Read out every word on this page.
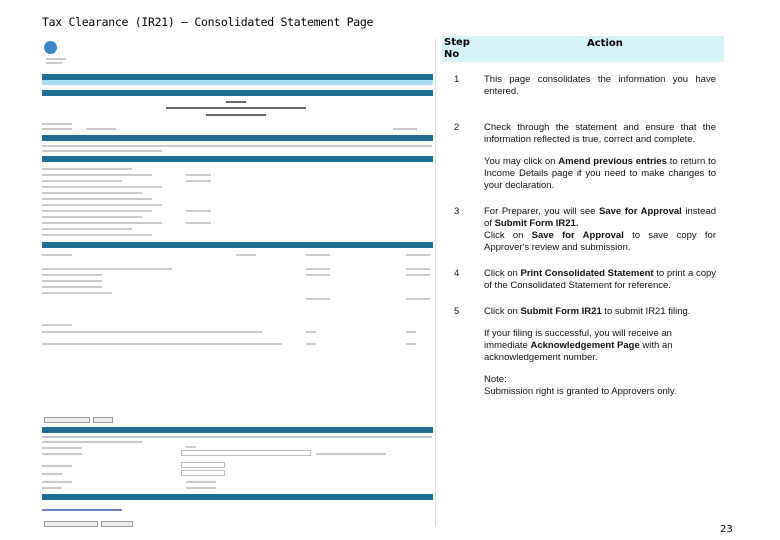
Tax Clearance (IR21) – Consolidated Statement Page
Step No
Action
1	This page consolidates the information you have entered.
2	Check through the statement and ensure that the information reflected is true, correct and complete.
You may click on Amend previous entries to return to Income Details page if you need to make changes to your declaration.
3	For Preparer, you will see Save for Approval instead of Submit Form IR21.
Click on Save for Approval to save copy for Approver's review and submission.
4	Click on Print Consolidated Statement to print a copy of the Consolidated Statement for reference.
5	Click on Submit Form IR21 to submit IR21 filing.
If your filing is successful, you will receive an immediate Acknowledgement Page with an acknowledgement number.
Note:
Submission right is granted to Approvers only.
23
